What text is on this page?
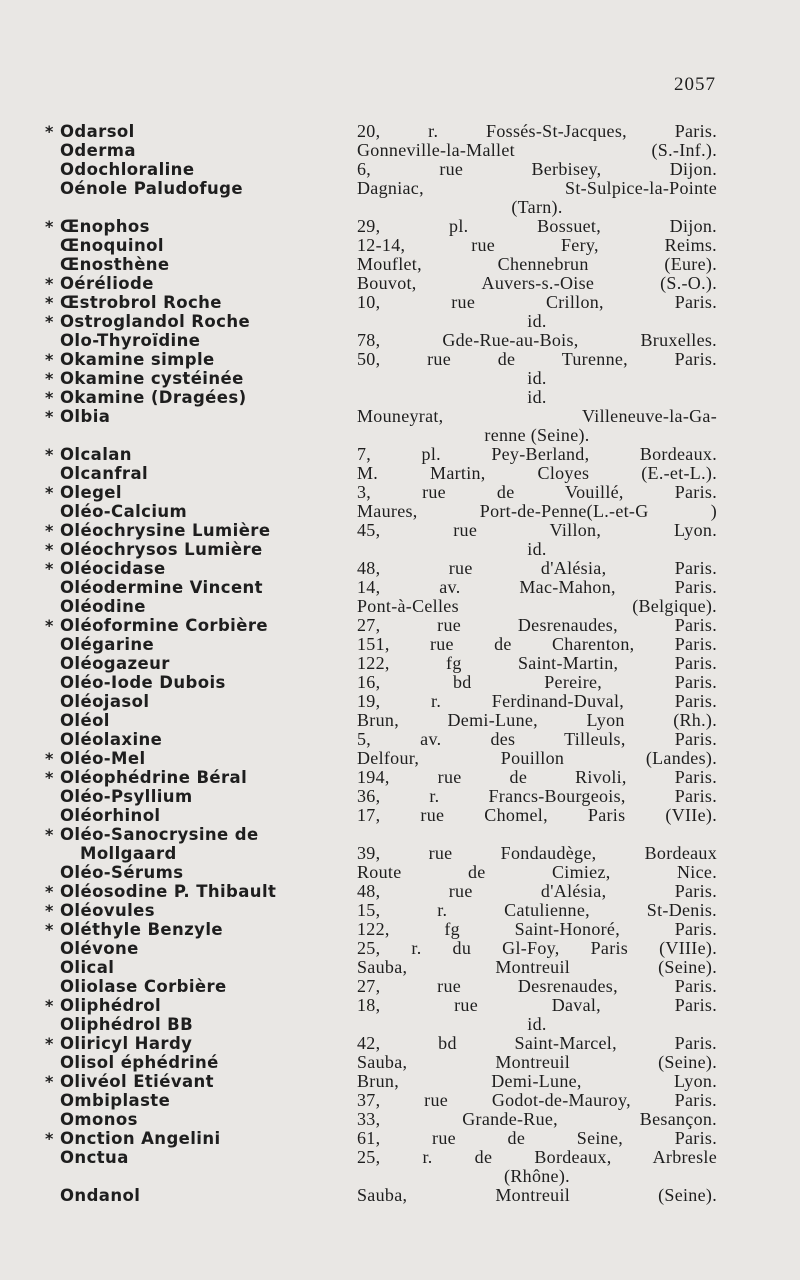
2057
* Odarsol	20, r. Fossés-St-Jacques, Paris.
Oderma	Gonneville-la-Mallet (S.-Inf.).
Odochloraline	6, rue Berbisey, Dijon.
Oénole Paludofuge	Dagniac, St-Sulpice-la-Pointe
(Tarn).
* Œnophos	29, pl. Bossuet, Dijon.
Œnoquinol	12-14, rue Fery, Reims.
Œnosthène	Mouflet, Chennebrun (Eure).
* Oéréliode	Bouvot, Auvers-s.-Oise (S.-O.).
* Œstrobrol Roche	10, rue Crillon, Paris.
* Ostroglandol Roche	id.
Olo-Thyroïdine	78, Gde-Rue-au-Bois, Bruxelles.
* Okamine simple	50, rue de Turenne, Paris.
* Okamine cystéinée	id.
* Okamine (Dragées)	id.
* Olbia	Mouneyrat, Villeneuve-la-Ga-
renne (Seine).
* Olcalan	7, pl. Pey-Berland, Bordeaux.
Olcanfral	M. Martin, Cloyes (E.-et-L.).
* Olegel	3, rue de Vouillé, Paris.
Oléo-Calcium	Maures, Port-de-Penne(L.-et-G )
* Oléochrysine Lumière	45, rue Villon, Lyon.
* Oléochrysos Lumière	id.
* Oléocidase	48, rue d'Alésia, Paris.
Oléodermine Vincent	14, av. Mac-Mahon, Paris.
Oléodine	Pont-à-Celles (Belgique).
* Oléoformine Corbière	27, rue Desrenaudes, Paris.
Olégarine	151, rue de Charenton, Paris.
Oléogazeur	122, fg Saint-Martin, Paris.
Oléo-Iode Dubois	16, bd Pereire, Paris.
Oléojasol	19, r. Ferdinand-Duval, Paris.
Oléol	Brun, Demi-Lune, Lyon (Rh.).
Oléolaxine	5, av. des Tilleuls, Paris.
* Oléo-Mel	Delfour, Pouillon (Landes).
* Oléophédrine Béral	194, rue de Rivoli, Paris.
Oléo-Psyllium	36, r. Francs-Bourgeois, Paris.
Oléorhinol	17, rue Chomel, Paris (VIIe).
* Oléo-Sanocrysine de

Mollgaard	39, rue Fondaudège, Bordeaux
Oléo-Sérums	Route de Cimiez, Nice.
* Oléosodine P. Thibault	48, rue d'Alésia, Paris.
* Oléovules	15, r. Catulienne, St-Denis.
* Oléthyle Benzyle	122, fg Saint-Honoré, Paris.
Olévone	25, r. du Gl-Foy, Paris (VIIIe).
Olical	Sauba, Montreuil (Seine).
Oliolase Corbière	27, rue Desrenaudes, Paris.
* Oliphédrol	18, rue Daval, Paris.
Oliphédrol BB	id.
* Oliricyl Hardy	42, bd Saint-Marcel, Paris.
Olisol éphédriné	Sauba, Montreuil (Seine).
* Olivéol Etiévant	Brun, Demi-Lune, Lyon.
Ombiplaste	37, rue Godot-de-Mauroy, Paris.
Omonos	33, Grande-Rue, Besançon.
* Onction Angelini	61, rue de Seine, Paris.
Onctua	25, r. de Bordeaux, Arbresle
(Rhône).
Ondanol	Sauba, Montreuil (Seine).
